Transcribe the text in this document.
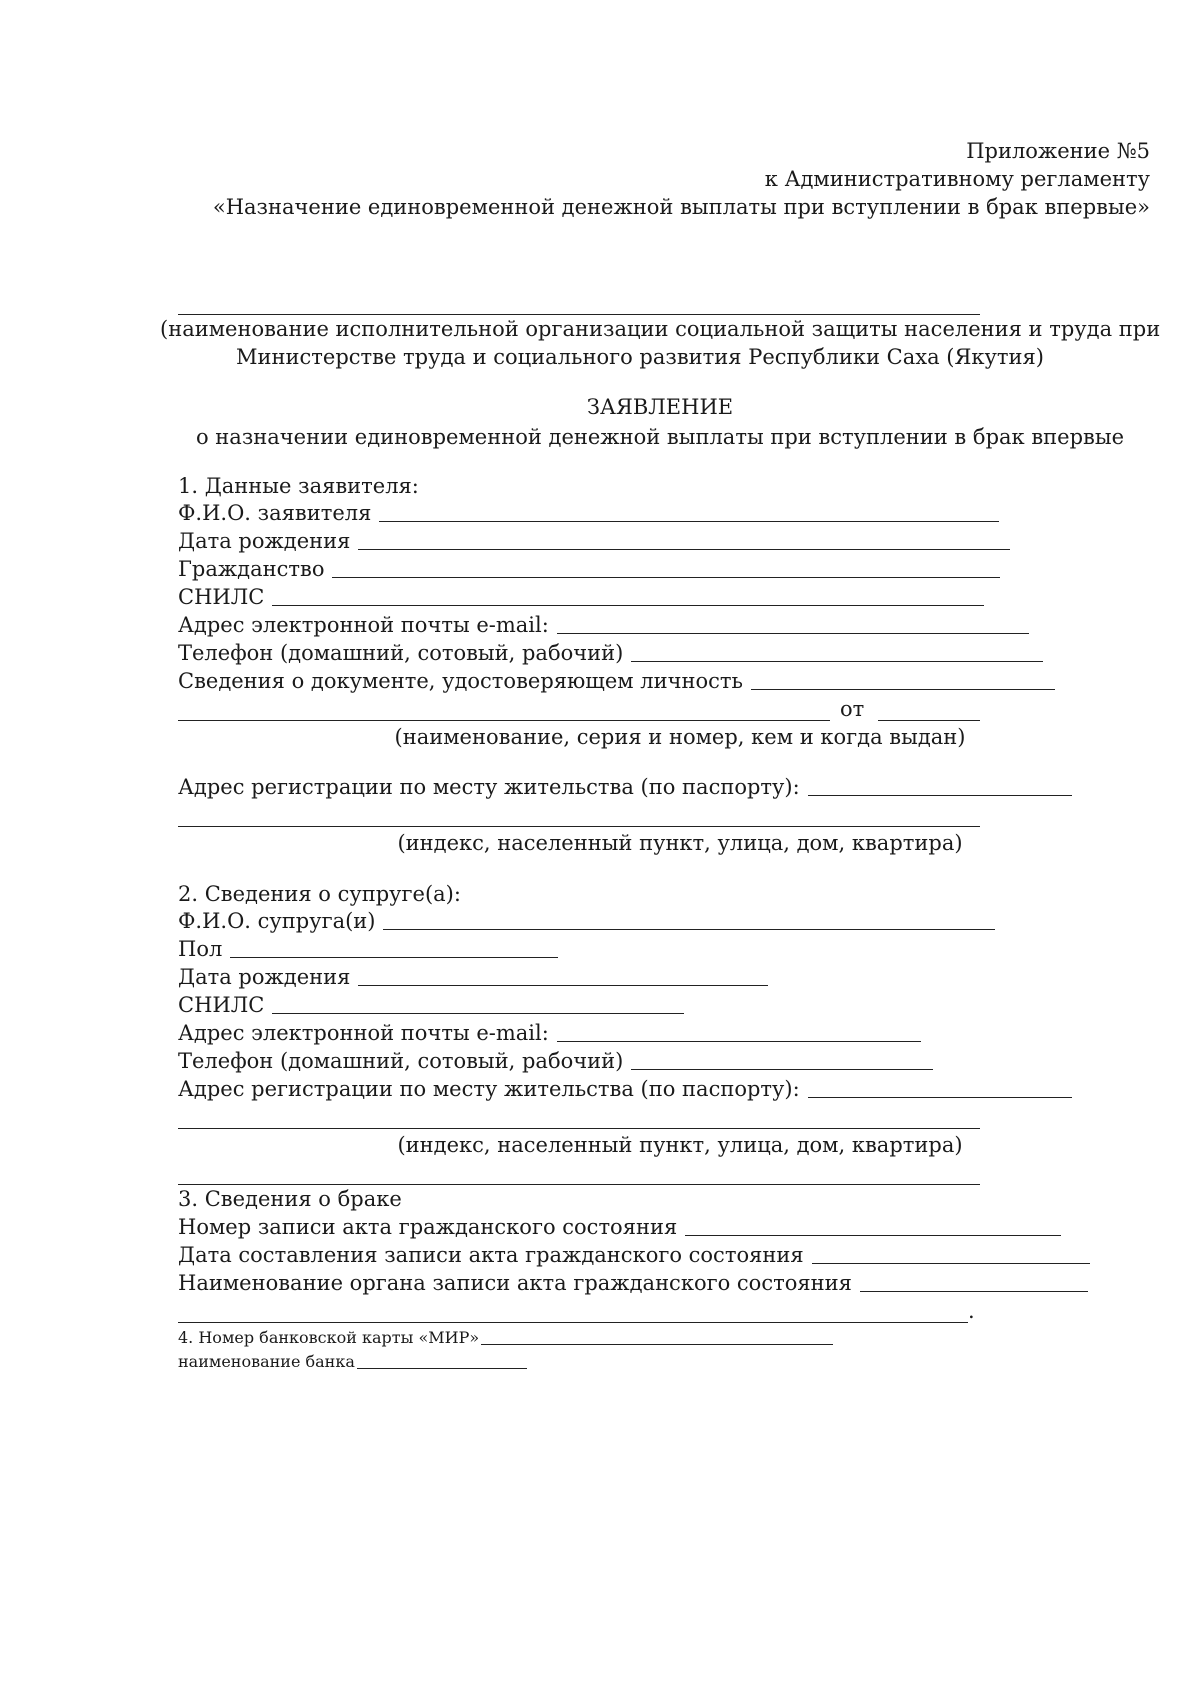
Приложение №5
к Административному регламенту
«Назначение единовременной денежной выплаты при вступлении в брак впервые»
(наименование исполнительной организации социальной защиты населения и труда при
Министерстве труда и социального развития Республики Саха (Якутия)
ЗАЯВЛЕНИЕ
о назначении единовременной денежной выплаты при вступлении в брак впервые
1. Данные заявителя:
Ф.И.О. заявителя
Дата рождения
Гражданство
СНИЛС
Адрес электронной почты e-mail:
Телефон (домашний, сотовый, рабочий)
Сведения о документе, удостоверяющем личность
от
(наименование, серия и номер, кем и когда выдан)
Адрес регистрации по месту жительства (по паспорту):
(индекс, населенный пункт, улица, дом, квартира)
2. Сведения о супруге(а):
Ф.И.О. супруга(и)
Пол
Дата рождения
СНИЛС
Адрес электронной почты e-mail:
Телефон (домашний, сотовый, рабочий)
Адрес регистрации по месту жительства (по паспорту):
(индекс, населенный пункт, улица, дом, квартира)
3. Сведения о браке
Номер записи акта гражданского состояния
Дата составления записи акта гражданского состояния
Наименование органа записи акта гражданского состояния
.
4. Номер банковской карты «МИР»
наименование банка
